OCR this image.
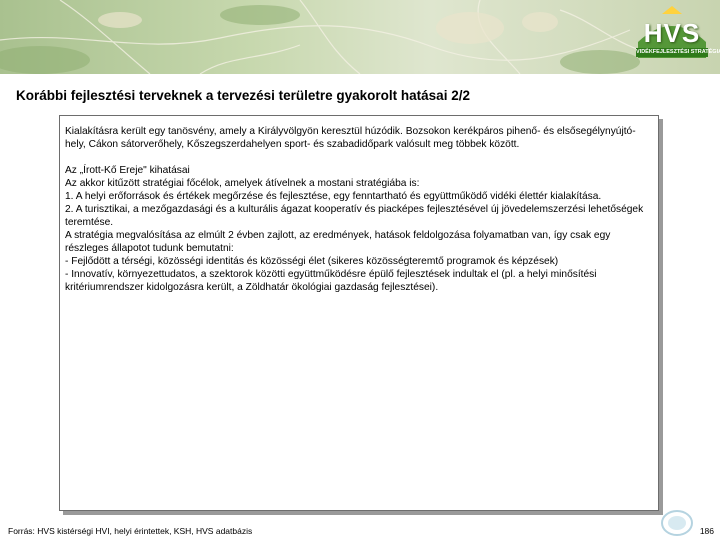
HVS
VIDÉKFEJLESZTÉSI STRATÉGIA
Korábbi fejlesztési terveknek a tervezési területre gyakorolt hatásai 2/2

Kialakításra került egy tanösvény, amely a Királyvölgyön keresztül húzódik. Bozsokon kerékpáros pihenő- és elsősegélynyújtó-hely, Cákon sátorverőhely, Kőszegszerdahelyen sport- és szabadidőpark valósult meg többek között.

Az „Írott-Kő Ereje" kihatásai

Az akkor kitűzött stratégiai főcélok, amelyek átívelnek a mostani stratégiába is:

1. A helyi erőforrások és értékek megőrzése és fejlesztése, egy fenntartható és együttműködő vidéki élettér kialakítása.

2. A turisztikai, a mezőgazdasági és a kulturális ágazat kooperatív és piacképes fejlesztésével új jövedelemszerzési lehetőségek teremtése.

A stratégia megvalósítása az elmúlt 2 évben zajlott, az eredmények, hatások feldolgozása folyamatban van, így csak egy részleges állapotot tudunk bemutatni:

- Fejlődött a térségi, közösségi identitás és közösségi élet (sikeres közösségteremtő programok és képzések)

- Innovatív, környezettudatos, a szektorok közötti együttműködésre épülő fejlesztések indultak el (pl. a helyi minősítési kritériumrendszer kidolgozásra került, a Zöldhatár ökológiai gazdaság fejlesztései).

Forrás: HVS kistérségi HVI, helyi érintettek, KSH, HVS adatbázis	186
